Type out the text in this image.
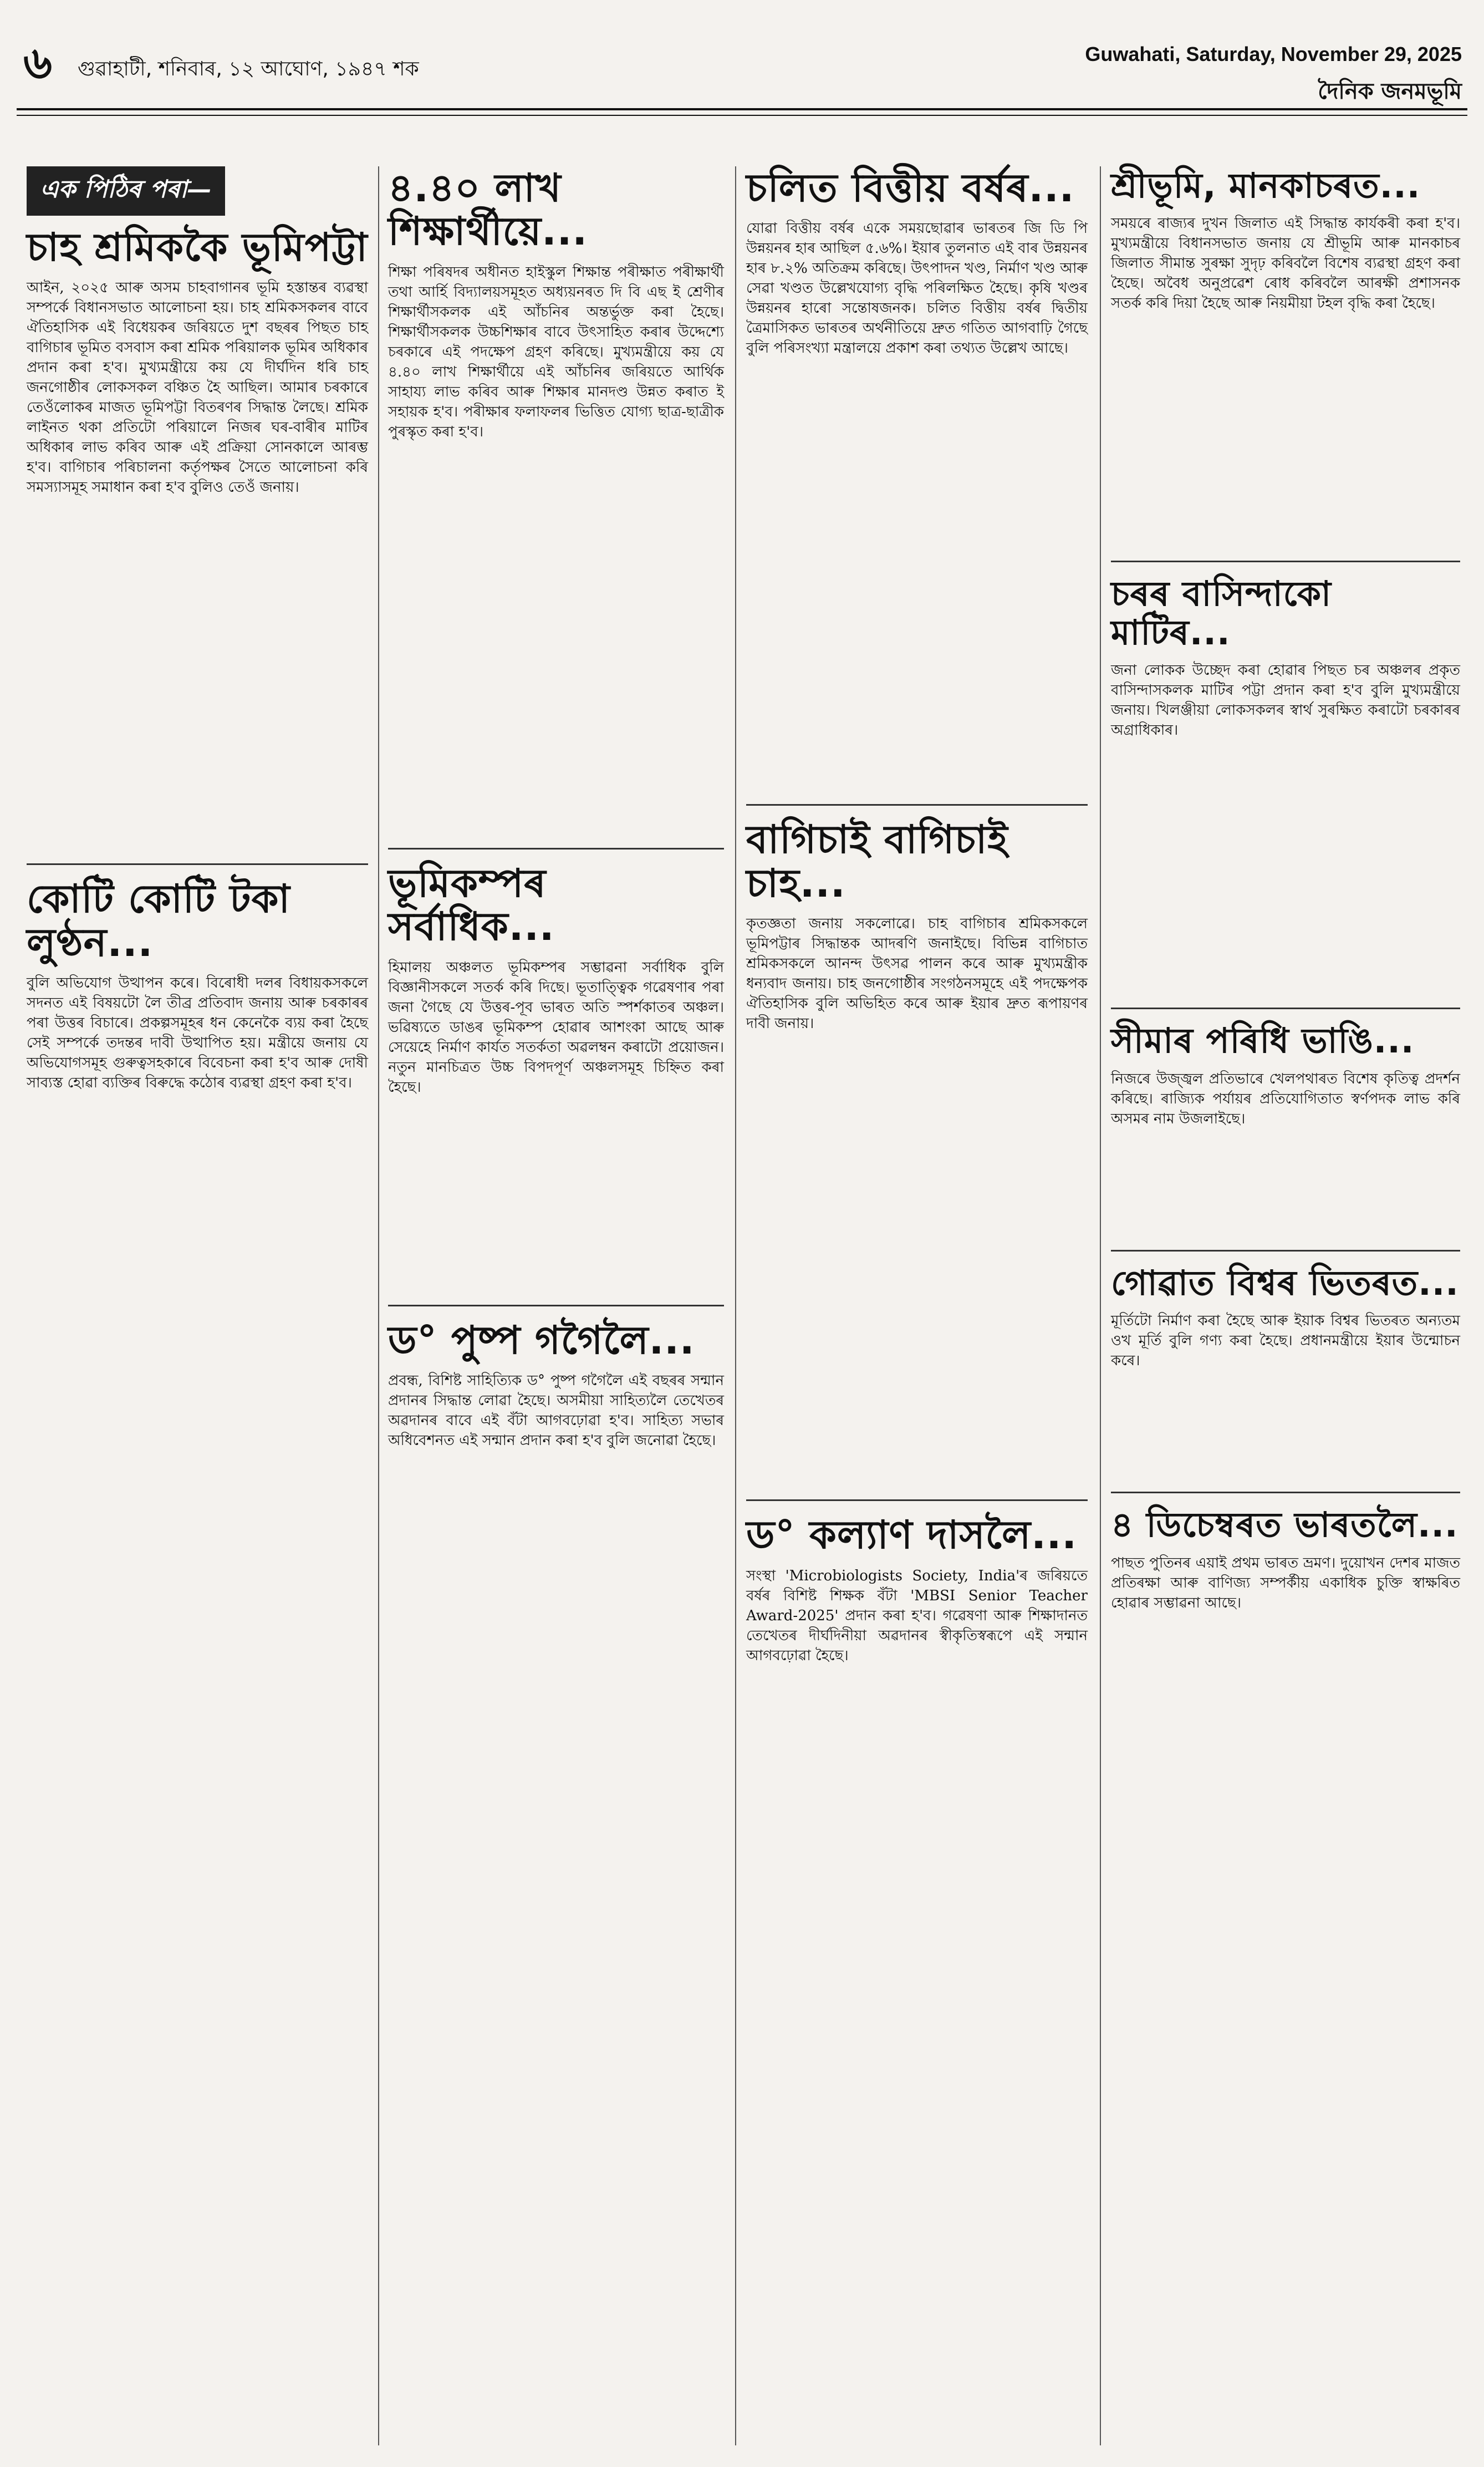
৬ গুৱাহাটী, শনিবাৰ, ১২ আঘোণ, ১৯৪৭ শক
Guwahati, Saturday, November 29, 2025
দৈনিক জনমভূমি
এক পিঠিৰ পৰা—
চাহ শ্ৰমিককৈ ভূমিপট্টা

আইন, ২০২৫ আৰু অসম চাহবাগানৰ ভূমি হস্তান্তৰ ব্যৱস্থা সম্পৰ্কে বিধানসভাত আলোচনা হয়। চাহ শ্ৰমিকসকলৰ বাবে ঐতিহাসিক এই বিধেয়কৰ জৰিয়তে দুশ বছৰৰ পিছত চাহ বাগিচাৰ ভূমিত বসবাস কৰা শ্ৰমিক পৰিয়ালক ভূমিৰ অধিকাৰ প্ৰদান কৰা হ'ব। মুখ্যমন্ত্ৰীয়ে কয় যে দীৰ্ঘদিন ধৰি চাহ জনগোষ্ঠীৰ লোকসকল বঞ্চিত হৈ আছিল। আমাৰ চৰকাৰে তেওঁলোকৰ মাজত ভূমিপট্টা বিতৰণৰ সিদ্ধান্ত লৈছে। শ্ৰমিক লাইনত থকা প্ৰতিটো পৰিয়ালে নিজৰ ঘৰ-বাৰীৰ মাটিৰ অধিকাৰ লাভ কৰিব আৰু এই প্ৰক্ৰিয়া সোনকালে আৰম্ভ হ'ব। বাগিচাৰ পৰিচালনা কৰ্তৃপক্ষৰ সৈতে আলোচনা কৰি সমস্যাসমূহ সমাধান কৰা হ'ব বুলিও তেওঁ জনায়।

কোটি কোটি টকা লুণ্ঠন...

বুলি অভিযোগ উত্থাপন কৰে। বিৰোধী দলৰ বিধায়কসকলে সদনত এই বিষয়টো লৈ তীব্ৰ প্ৰতিবাদ জনায় আৰু চৰকাৰৰ পৰা উত্তৰ বিচাৰে। প্ৰকল্পসমূহৰ ধন কেনেকৈ ব্যয় কৰা হৈছে সেই সম্পৰ্কে তদন্তৰ দাবী উত্থাপিত হয়। মন্ত্ৰীয়ে জনায় যে অভিযোগসমূহ গুৰুত্বসহকাৰে বিবেচনা কৰা হ'ব আৰু দোষী সাব্যস্ত হোৱা ব্যক্তিৰ বিৰুদ্ধে কঠোৰ ব্যৱস্থা গ্ৰহণ কৰা হ'ব।

৪.৪০ লাখ শিক্ষাৰ্থীয়ে...

শিক্ষা পৰিষদৰ অধীনত হাইস্কুল শিক্ষান্ত পৰীক্ষাত পৰীক্ষাৰ্থী তথা আৰ্হি বিদ্যালয়সমূহত অধ্যয়নৰত দি বি এছ ই শ্ৰেণীৰ শিক্ষাৰ্থীসকলক এই আঁচনিৰ অন্তৰ্ভুক্ত কৰা হৈছে। শিক্ষাৰ্থীসকলক উচ্চশিক্ষাৰ বাবে উৎসাহিত কৰাৰ উদ্দেশ্যে চৰকাৰে এই পদক্ষেপ গ্ৰহণ কৰিছে। মুখ্যমন্ত্ৰীয়ে কয় যে ৪.৪০ লাখ শিক্ষাৰ্থীয়ে এই আঁচনিৰ জৰিয়তে আৰ্থিক সাহায্য লাভ কৰিব আৰু শিক্ষাৰ মানদণ্ড উন্নত কৰাত ই সহায়ক হ'ব। পৰীক্ষাৰ ফলাফলৰ ভিত্তিত যোগ্য ছাত্ৰ-ছাত্ৰীক পুৰস্কৃত কৰা হ'ব।

ভূমিকম্পৰ সৰ্বাধিক...

হিমালয় অঞ্চলত ভূমিকম্পৰ সম্ভাৱনা সৰ্বাধিক বুলি বিজ্ঞানীসকলে সতৰ্ক কৰি দিছে। ভূতাত্ত্বিক গৱেষণাৰ পৰা জনা গৈছে যে উত্তৰ-পূব ভাৰত অতি স্পৰ্শকাতৰ অঞ্চল। ভৱিষ্যতে ডাঙৰ ভূমিকম্প হোৱাৰ আশংকা আছে আৰু সেয়েহে নিৰ্মাণ কাৰ্যত সতৰ্কতা অৱলম্বন কৰাটো প্ৰয়োজন। নতুন মানচিত্ৰত উচ্চ বিপদপূৰ্ণ অঞ্চলসমূহ চিহ্নিত কৰা হৈছে।

ড° পুষ্প গগৈলৈ...

প্ৰবন্ধ, বিশিষ্ট সাহিত্যিক ড° পুষ্প গগৈলৈ এই বছৰৰ সন্মান প্ৰদানৰ সিদ্ধান্ত লোৱা হৈছে। অসমীয়া সাহিত্যলৈ তেখেতৰ অৱদানৰ বাবে এই বঁটা আগবঢ়োৱা হ'ব। সাহিত্য সভাৰ অধিবেশনত এই সন্মান প্ৰদান কৰা হ'ব বুলি জনোৱা হৈছে।

চলিত বিত্তীয় বৰ্ষৰ...

যোৱা বিত্তীয় বৰ্ষৰ একে সময়ছোৱাৰ ভাৰতৰ জি ডি পি উন্নয়নৰ হাৰ আছিল ৫.৬%। ইয়াৰ তুলনাত এই বাৰ উন্নয়নৰ হাৰ ৮.২% অতিক্ৰম কৰিছে। উৎপাদন খণ্ড, নিৰ্মাণ খণ্ড আৰু সেৱা খণ্ডত উল্লেখযোগ্য বৃদ্ধি পৰিলক্ষিত হৈছে। কৃষি খণ্ডৰ উন্নয়নৰ হাৰো সন্তোষজনক। চলিত বিত্তীয় বৰ্ষৰ দ্বিতীয় ত্ৰৈমাসিকত ভাৰতৰ অৰ্থনীতিয়ে দ্ৰুত গতিত আগবাঢ়ি গৈছে বুলি পৰিসংখ্যা মন্ত্ৰালয়ে প্ৰকাশ কৰা তথ্যত উল্লেখ আছে।

বাগিচাই বাগিচাই চাহ...

কৃতজ্ঞতা জনায় সকলোৱে। চাহ বাগিচাৰ শ্ৰমিকসকলে ভূমিপট্টাৰ সিদ্ধান্তক আদৰণি জনাইছে। বিভিন্ন বাগিচাত শ্ৰমিকসকলে আনন্দ উৎসৱ পালন কৰে আৰু মুখ্যমন্ত্ৰীক ধন্যবাদ জনায়। চাহ জনগোষ্ঠীৰ সংগঠনসমূহে এই পদক্ষেপক ঐতিহাসিক বুলি অভিহিত কৰে আৰু ইয়াৰ দ্ৰুত ৰূপায়ণৰ দাবী জনায়।

ড° কল্যাণ দাসলৈ...

সংস্থা 'Microbiologists Society, India'ৰ জৰিয়তে বৰ্ষৰ বিশিষ্ট শিক্ষক বঁটা 'MBSI Senior Teacher Award-2025' প্ৰদান কৰা হ'ব। গৱেষণা আৰু শিক্ষাদানত তেখেতৰ দীৰ্ঘদিনীয়া অৱদানৰ স্বীকৃতিস্বৰূপে এই সন্মান আগবঢ়োৱা হৈছে।

শ্ৰীভূমি, মানকাচৰত...

সময়ৰে ৰাজ্যৰ দুখন জিলাত এই সিদ্ধান্ত কাৰ্যকৰী কৰা হ'ব। মুখ্যমন্ত্ৰীয়ে বিধানসভাত জনায় যে শ্ৰীভূমি আৰু মানকাচৰ জিলাত সীমান্ত সুৰক্ষা সুদৃঢ় কৰিবলৈ বিশেষ ব্যৱস্থা গ্ৰহণ কৰা হৈছে। অবৈধ অনুপ্ৰৱেশ ৰোধ কৰিবলৈ আৰক্ষী প্ৰশাসনক সতৰ্ক কৰি দিয়া হৈছে আৰু নিয়মীয়া টহল বৃদ্ধি কৰা হৈছে।

চৰৰ বাসিন্দাকো মাটিৰ...

জনা লোকক উচ্ছেদ কৰা হোৱাৰ পিছত চৰ অঞ্চলৰ প্ৰকৃত বাসিন্দাসকলক মাটিৰ পট্টা প্ৰদান কৰা হ'ব বুলি মুখ্যমন্ত্ৰীয়ে জনায়। খিলঞ্জীয়া লোকসকলৰ স্বাৰ্থ সুৰক্ষিত কৰাটো চৰকাৰৰ অগ্ৰাধিকাৰ।

সীমাৰ পৰিধি ভাঙি...

নিজৰে উজ্জ্বল প্ৰতিভাৰে খেলপথাৰত বিশেষ কৃতিত্ব প্ৰদৰ্শন কৰিছে। ৰাজ্যিক পৰ্যায়ৰ প্ৰতিযোগিতাত স্বৰ্ণপদক লাভ কৰি অসমৰ নাম উজলাইছে।

গোৱাত বিশ্বৰ ভিতৰত...

মূৰ্তিটো নিৰ্মাণ কৰা হৈছে আৰু ইয়াক বিশ্বৰ ভিতৰত অন্যতম ওখ মূৰ্তি বুলি গণ্য কৰা হৈছে। প্ৰধানমন্ত্ৰীয়ে ইয়াৰ উন্মোচন কৰে।

৪ ডিচেম্বৰত ভাৰতলৈ...

পাছত পুতিনৰ এয়াই প্ৰথম ভাৰত ভ্ৰমণ। দুয়োখন দেশৰ মাজত প্ৰতিৰক্ষা আৰু বাণিজ্য সম্পৰ্কীয় একাধিক চুক্তি স্বাক্ষৰিত হোৱাৰ সম্ভাৱনা আছে।
